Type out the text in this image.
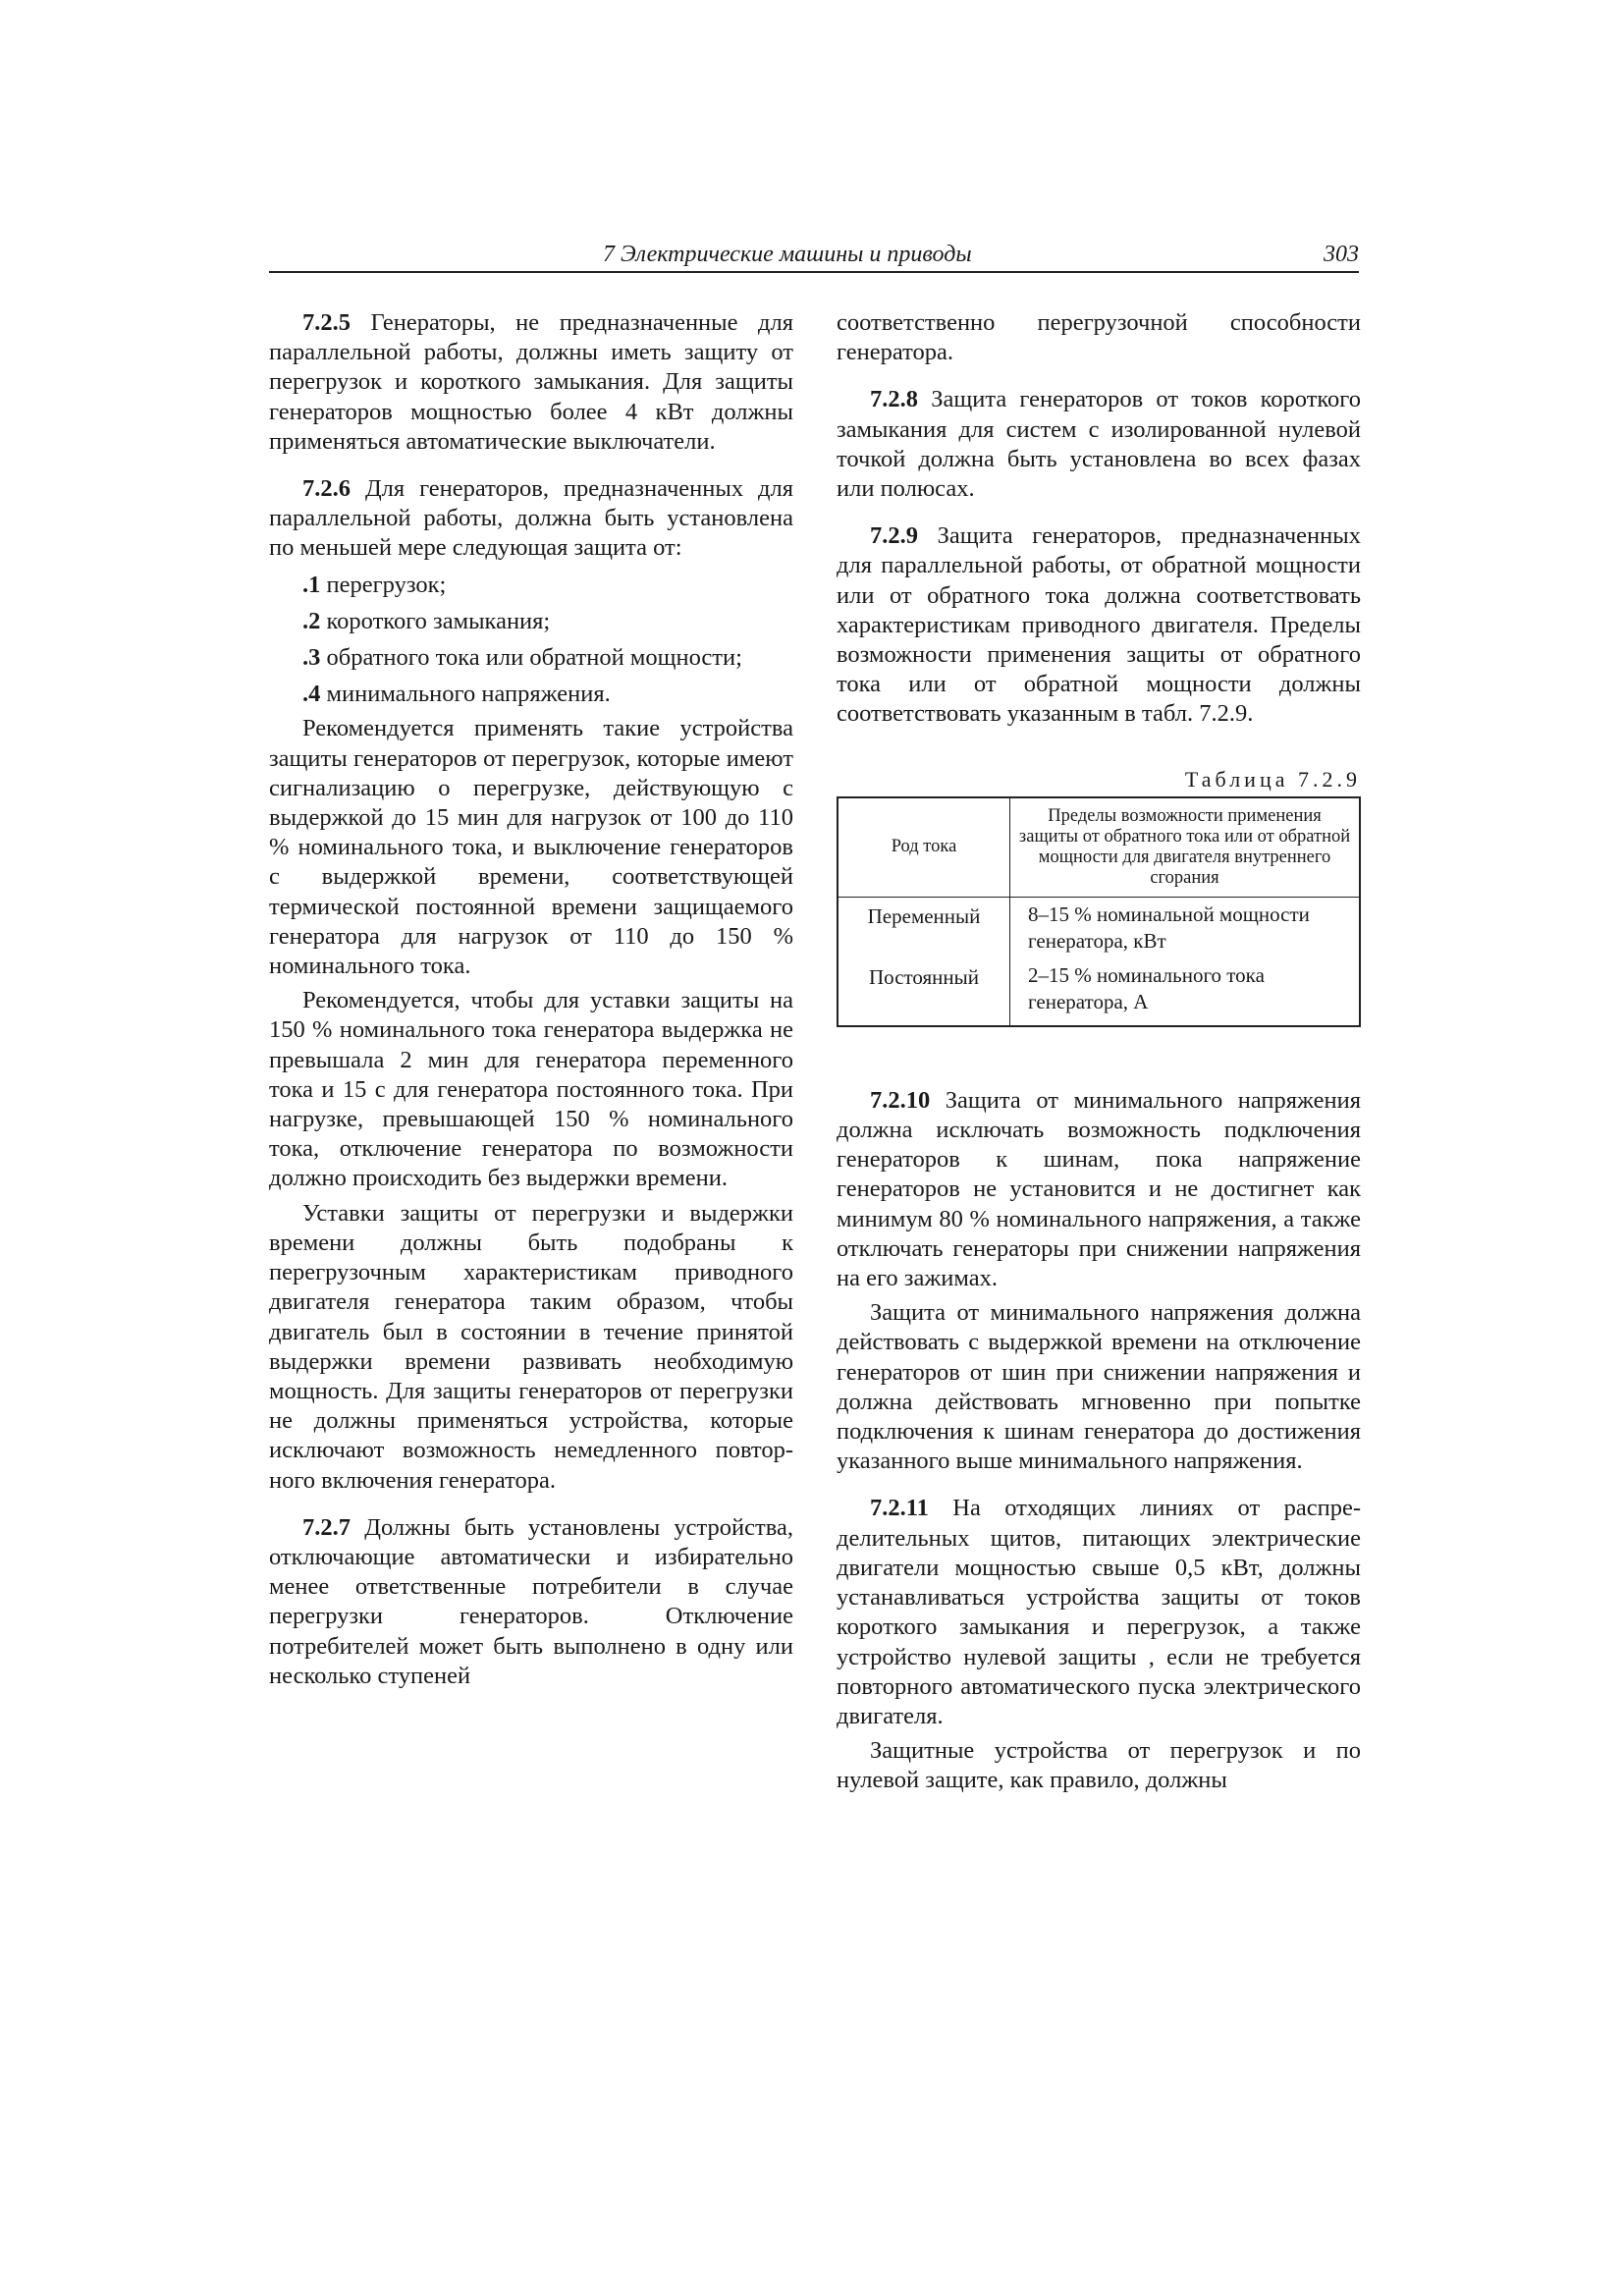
7 Электрические машины и приводы	303

7.2.5 Генераторы, не предназначенные для параллельной работы, должны иметь защиту от перегрузок и короткого замыкания. Для защиты генераторов мощностью более 4 кВт должны применяться автоматические выключатели.

7.2.6 Для генераторов, предназначенных для параллельной работы, должна быть установлена по меньшей мере следующая защита от:

.1 перегрузок;

.2 короткого замыкания;

.3 обратного тока или обратной мощности;

.4 минимального напряжения.

Рекомендуется применять такие устройства защиты генераторов от перегрузок, которые имеют сигнализацию о перегрузке, действующую с выдержкой до 15 мин для нагрузок от 100 до 110 % номинального тока, и выключение генераторов с выдержкой времени, соответствующей термической постоянной времени защищаемого генератора для нагрузок от 110 до 150 % номинального тока.

Рекомендуется, чтобы для уставки защиты на 150 % номинального тока генератора выдержка не превышала 2 мин для генератора переменного тока и 15 с для генератора постоянного тока. При нагрузке, превышающей 150 % номинального тока, отключение генератора по возможности должно происходить без выдержки времени.

Уставки защиты от перегрузки и выдержки времени должны быть подобраны к перегрузочным характеристикам приводного двигателя генератора таким образом, чтобы двигатель был в состоянии в течение принятой выдержки времени развивать необходимую мощность. Для защиты генераторов от перегрузки не должны применяться устройства, которые исключают возможность немедленного повторного включения генератора.

7.2.7 Должны быть установлены устройства, отключающие автоматически и избирательно менее ответственные потребители в случае перегрузки генераторов. Отключение потребителей может быть выполнено в одну или несколько ступеней

соответственно перегрузочной способности генератора.

7.2.8 Защита генераторов от токов короткого замыкания для систем с изолированной нулевой точкой должна быть установлена во всех фазах или полюсах.

7.2.9 Защита генераторов, предназначенных для параллельной работы, от обратной мощности или от обратного тока должна соответствовать характеристикам приводного двигателя. Пределы возможности применения защиты от обратного тока или от обратной мощности должны соответствовать указанным в табл. 7.2.9.

Таблица 7.2.9
Род тока	Пределы возможности применения защиты от обратного тока или от обратной мощности для двигателя внутреннего сгорания
Переменный	8–15 % номинальной мощности генератора, кВт
Постоянный	2–15 % номинального тока генератора, А

7.2.10 Защита от минимального напряжения должна исключать возможность подключения генераторов к шинам, пока напряжение генераторов не установится и не достигнет как минимум 80 % номинального напряжения, а также отключать генераторы при снижении напряжения на его зажимах.

Защита от минимального напряжения должна действовать с выдержкой времени на отключение генераторов от шин при снижении напряжения и должна действовать мгновенно при попытке подключения к шинам генератора до достижения указанного выше минимального напряжения.

7.2.11 На отходящих линиях от распределительных щитов, питающих электрические двигатели мощностью свыше 0,5 кВт, должны устанавливаться устройства защиты от токов короткого замыкания и перегрузок, а также устройство нулевой защиты , если не требуется повторного автоматического пуска электрического двигателя.

Защитные устройства от перегрузок и по нулевой защите, как правило, должны
